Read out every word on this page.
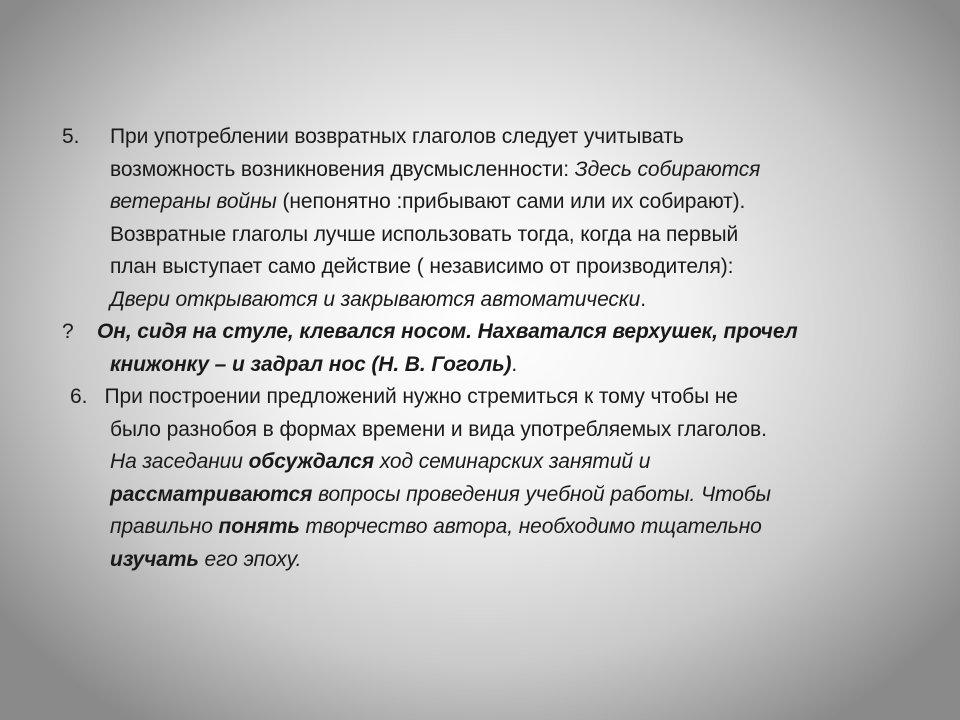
5. При употреблении возвратных глаголов следует учитывать
возможность возникновения двусмысленности: Здесь собираются
ветераны войны (непонятно :прибывают сами или их собирают).
Возвратные глаголы лучше использовать тогда, когда на первый
план выступает само действие ( независимо от производителя):
Двери открываются и закрываются автоматически.
?	Он, сидя на стуле, клевался носом. Нахватался верхушек, прочел
книжонку – и задрал нос (Н. В. Гоголь).
6. При построении предложений нужно стремиться к тому чтобы не
было разнобоя в формах времени и вида употребляемых глаголов.
На заседании обсуждался ход семинарских занятий и
рассматриваются вопросы проведения учебной работы. Чтобы
правильно понять творчество автора, необходимо тщательно
изучать его эпоху.
